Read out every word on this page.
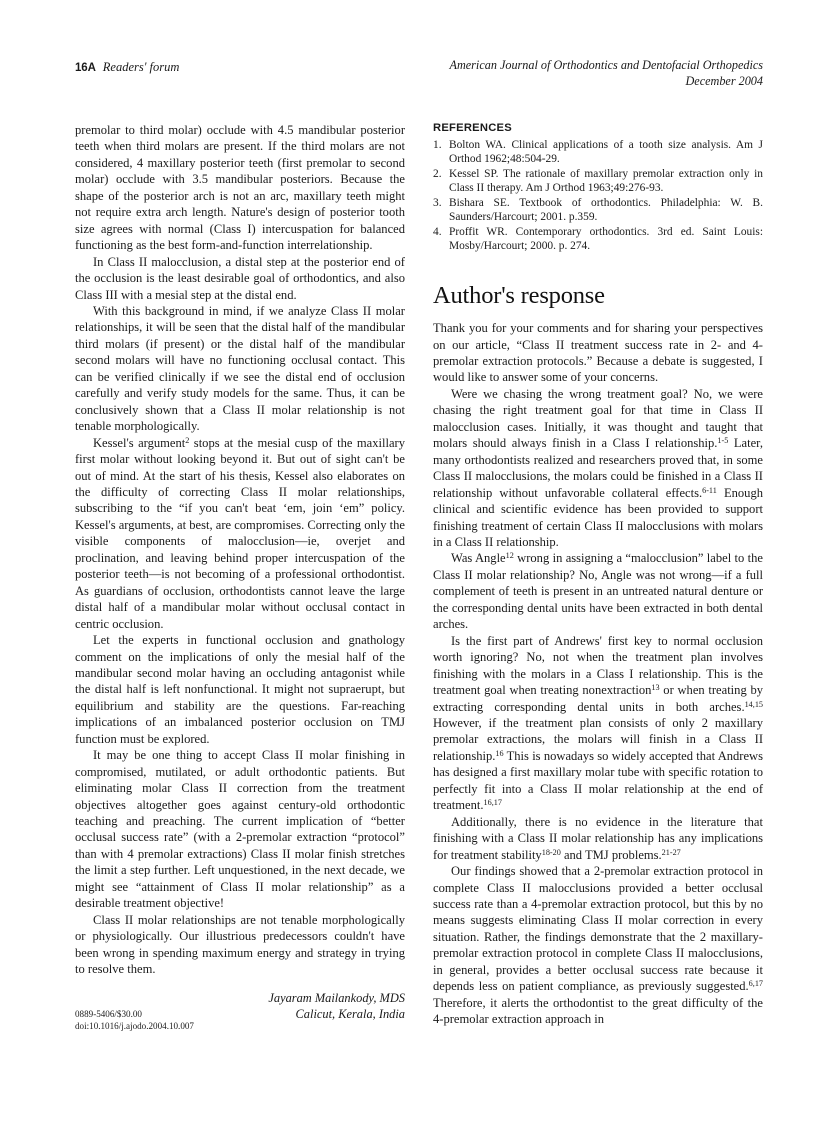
16A Readers' forum	American Journal of Orthodontics and Dentofacial Orthopedics
December 2004

premolar to third molar) occlude with 4.5 mandibular posterior teeth when third molars are present. If the third molars are not considered, 4 maxillary posterior teeth (first premolar to second molar) occlude with 3.5 mandibular posteriors. Because the shape of the posterior arch is not an arc, maxillary teeth might not require extra arch length. Nature's design of posterior tooth size agrees with normal (Class I) intercuspation for balanced functioning as the best form-and-function interrelationship.

In Class II malocclusion, a distal step at the posterior end of the occlusion is the least desirable goal of orthodontics, and also Class III with a mesial step at the distal end.

With this background in mind, if we analyze Class II molar relationships, it will be seen that the distal half of the mandibular third molars (if present) or the distal half of the mandibular second molars will have no functioning occlusal contact. This can be verified clinically if we see the distal end of occlusion carefully and verify study models for the same. Thus, it can be conclusively shown that a Class II molar relationship is not tenable morphologically.

Kessel's argument$^2$ stops at the mesial cusp of the maxillary first molar without looking beyond it. But out of sight can't be out of mind. At the start of his thesis, Kessel also elaborates on the difficulty of correcting Class II molar relationships, subscribing to the “if you can't beat ‘em, join ‘em” policy. Kessel's arguments, at best, are compromises. Correcting only the visible components of malocclusion—ie, overjet and proclination, and leaving behind proper intercuspation of the posterior teeth—is not becoming of a professional orthodontist. As guardians of occlusion, orthodontists cannot leave the large distal half of a mandibular molar without occlusal contact in centric occlusion.

Let the experts in functional occlusion and gnathology comment on the implications of only the mesial half of the mandibular second molar having an occluding antagonist while the distal half is left nonfunctional. It might not supraerupt, but equilibrium and stability are the questions. Far-reaching implications of an imbalanced posterior occlusion on TMJ function must be explored.

It may be one thing to accept Class II molar finishing in compromised, mutilated, or adult orthodontic patients. But eliminating molar Class II correction from the treatment objectives altogether goes against century-old orthodontic teaching and preaching. The current implication of “better occlusal success rate” (with a 2-premolar extraction “protocol” than with 4 premolar extractions) Class II molar finish stretches the limit a step further. Left unquestioned, in the next decade, we might see “attainment of Class II molar relationship” as a desirable treatment objective!

Class II molar relationships are not tenable morphologically or physiologically. Our illustrious predecessors couldn't have been wrong in spending maximum energy and strategy in trying to resolve them.

Jayaram Mailankody, MDS
Calicut, Kerala, India
REFERENCES
Bolton WA. Clinical applications of a tooth size analysis. Am J Orthod 1962;48:504-29.
Kessel SP. The rationale of maxillary premolar extraction only in Class II therapy. Am J Orthod 1963;49:276-93.
Bishara SE. Textbook of orthodontics. Philadelphia: W. B. Saunders/Harcourt; 2001. p.359.
Proffit WR. Contemporary orthodontics. 3rd ed. Saint Louis: Mosby/Harcourt; 2000. p. 274.
Author's response

Thank you for your comments and for sharing your perspectives on our article, “Class II treatment success rate in 2- and 4-premolar extraction protocols.” Because a debate is suggested, I would like to answer some of your concerns.

Were we chasing the wrong treatment goal? No, we were chasing the right treatment goal for that time in Class II malocclusion cases. Initially, it was thought and taught that molars should always finish in a Class I relationship.$^{1-5}$ Later, many orthodontists realized and researchers proved that, in some Class II malocclusions, the molars could be finished in a Class II relationship without unfavorable collateral effects.$^{6-11}$ Enough clinical and scientific evidence has been provided to support finishing treatment of certain Class II malocclusions with molars in a Class II relationship.

Was Angle$^{12}$ wrong in assigning a “malocclusion” label to the Class II molar relationship? No, Angle was not wrong—if a full complement of teeth is present in an untreated natural denture or the corresponding dental units have been extracted in both dental arches.

Is the first part of Andrews' first key to normal occlusion worth ignoring? No, not when the treatment plan involves finishing with the molars in a Class I relationship. This is the treatment goal when treating nonextraction$^{13}$ or when treating by extracting corresponding dental units in both arches.$^{14,15}$ However, if the treatment plan consists of only 2 maxillary premolar extractions, the molars will finish in a Class II relationship.$^{16}$ This is nowadays so widely accepted that Andrews has designed a first maxillary molar tube with specific rotation to perfectly fit into a Class II molar relationship at the end of treatment.$^{16,17}$

Additionally, there is no evidence in the literature that finishing with a Class II molar relationship has any implications for treatment stability$^{18-20}$ and TMJ problems.$^{21-27}$

Our findings showed that a 2-premolar extraction protocol in complete Class II malocclusions provided a better occlusal success rate than a 4-premolar extraction protocol, but this by no means suggests eliminating Class II molar correction in every situation. Rather, the findings demonstrate that the 2 maxillary-premolar extraction protocol in complete Class II malocclusions, in general, provides a better occlusal success rate because it depends less on patient compliance, as previously suggested.$^{6,17}$ Therefore, it alerts the orthodontist to the great difficulty of the 4-premolar extraction approach in

0889-5406/$30.00
doi:10.1016/j.ajodo.2004.10.007
